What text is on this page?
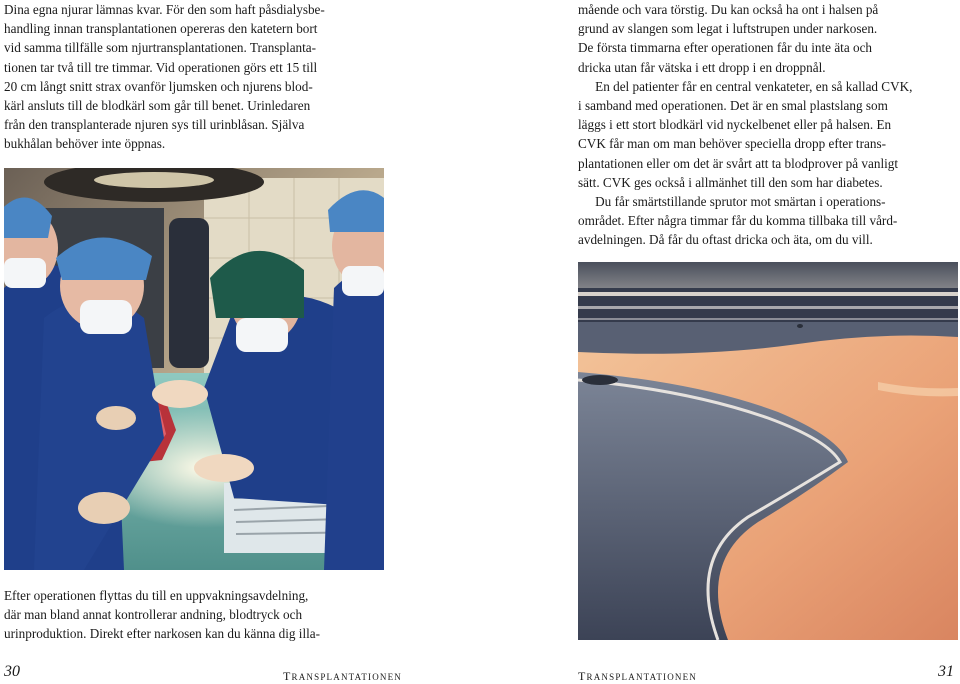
Dina egna njurar lämnas kvar. För den som haft påsdialysbe-

handling innan transplantationen opereras den katetern bort

vid samma tillfälle som njurtransplantationen. Transplanta-

tionen tar två till tre timmar. Vid operationen görs ett 15 till

20 cm långt snitt strax ovanför ljumsken och njurens blod-

kärl ansluts till de blodkärl som går till benet. Urinledaren

från den transplanterade njuren sys till urinblåsan. Själva

bukhålan behöver inte öppnas.

Efter operationen flyttas du till en uppvakningsavdelning,

där man bland annat kontrollerar andning, blodtryck och

urinproduktion. Direkt efter narkosen kan du känna dig illa-

30	TRANSPLANTATIONEN

mående och vara törstig. Du kan också ha ont i halsen på

grund av slangen som legat i luftstrupen under narkosen.

De första timmarna efter operationen får du inte äta och

dricka utan får vätska i ett dropp i en droppnål.

En del patienter får en central venkateter, en så kallad CVK,

i samband med operationen. Det är en smal plastslang som

läggs i ett stort blodkärl vid nyckelbenet eller på halsen. En

CVK får man om man behöver speciella dropp efter trans-

plantationen eller om det är svårt att ta blodprover på vanligt

sätt. CVK ges också i allmänhet till den som har diabetes.

Du får smärtstillande sprutor mot smärtan i operations-

området. Efter några timmar får du komma tillbaka till vård-

avdelningen. Då får du oftast dricka och äta, om du vill.

TRANSPLANTATIONEN	31
